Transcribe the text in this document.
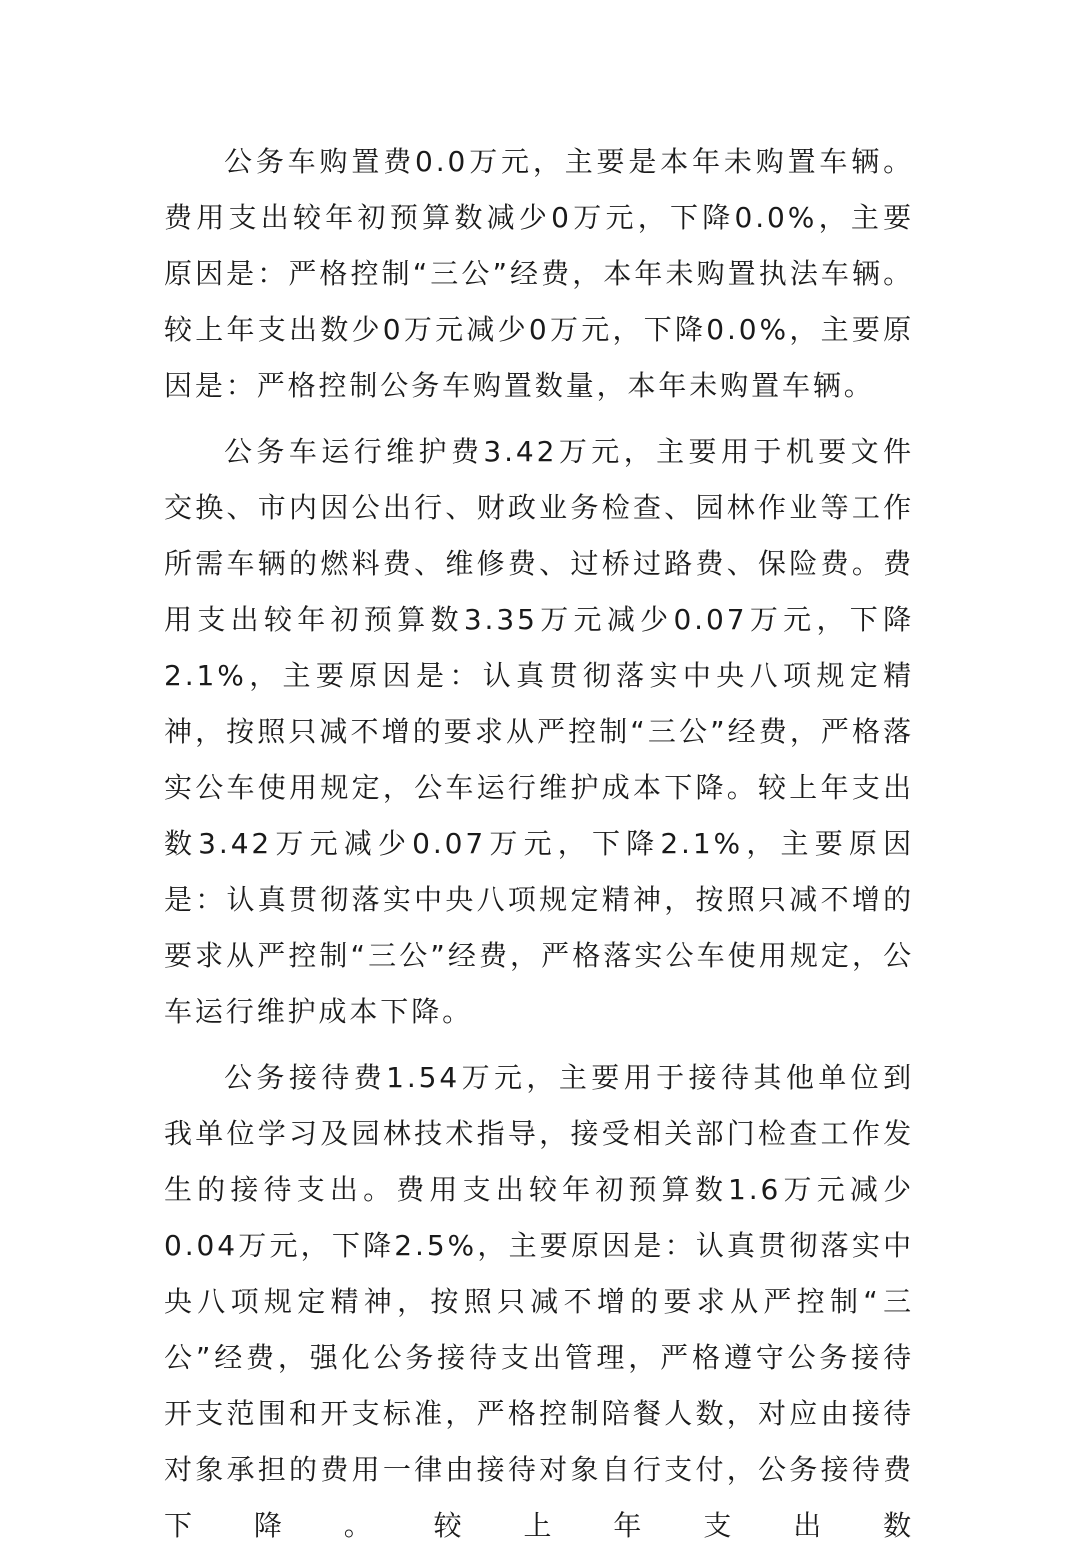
公务车购置费0.0万元，主要是本年未购置车辆。费用支出较年初预算数减少0万元，下降0.0%，主要原因是：严格控制“三公”经费，本年未购置执法车辆。较上年支出数少0万元减少0万元，下降0.0%，主要原因是：严格控制公务车购置数量，本年未购置车辆。

公务车运行维护费3.42万元，主要用于机要文件交换、市内因公出行、财政业务检查、园林作业等工作所需车辆的燃料费、维修费、过桥过路费、保险费。费用支出较年初预算数3.35万元减少0.07万元，下降2.1%，主要原因是：认真贯彻落实中央八项规定精神，按照只减不增的要求从严控制“三公”经费，严格落实公车使用规定，公车运行维护成本下降。较上年支出数3.42万元减少0.07万元，下降2.1%，主要原因是：认真贯彻落实中央八项规定精神，按照只减不增的要求从严控制“三公”经费，严格落实公车使用规定，公车运行维护成本下降。

公务接待费1.54万元，主要用于接待其他单位到我单位学习及园林技术指导，接受相关部门检查工作发生的接待支出。费用支出较年初预算数1.6万元减少0.04万元，下降2.5%，主要原因是：认真贯彻落实中央八项规定精神，按照只减不增的要求从严控制“三公”经费，强化公务接待支出管理，严格遵守公务接待开支范围和开支标准，严格控制陪餐人数，对应由接待对象承担的费用一律由接待对象自行支付，公务接待费下降。较上年支出数
